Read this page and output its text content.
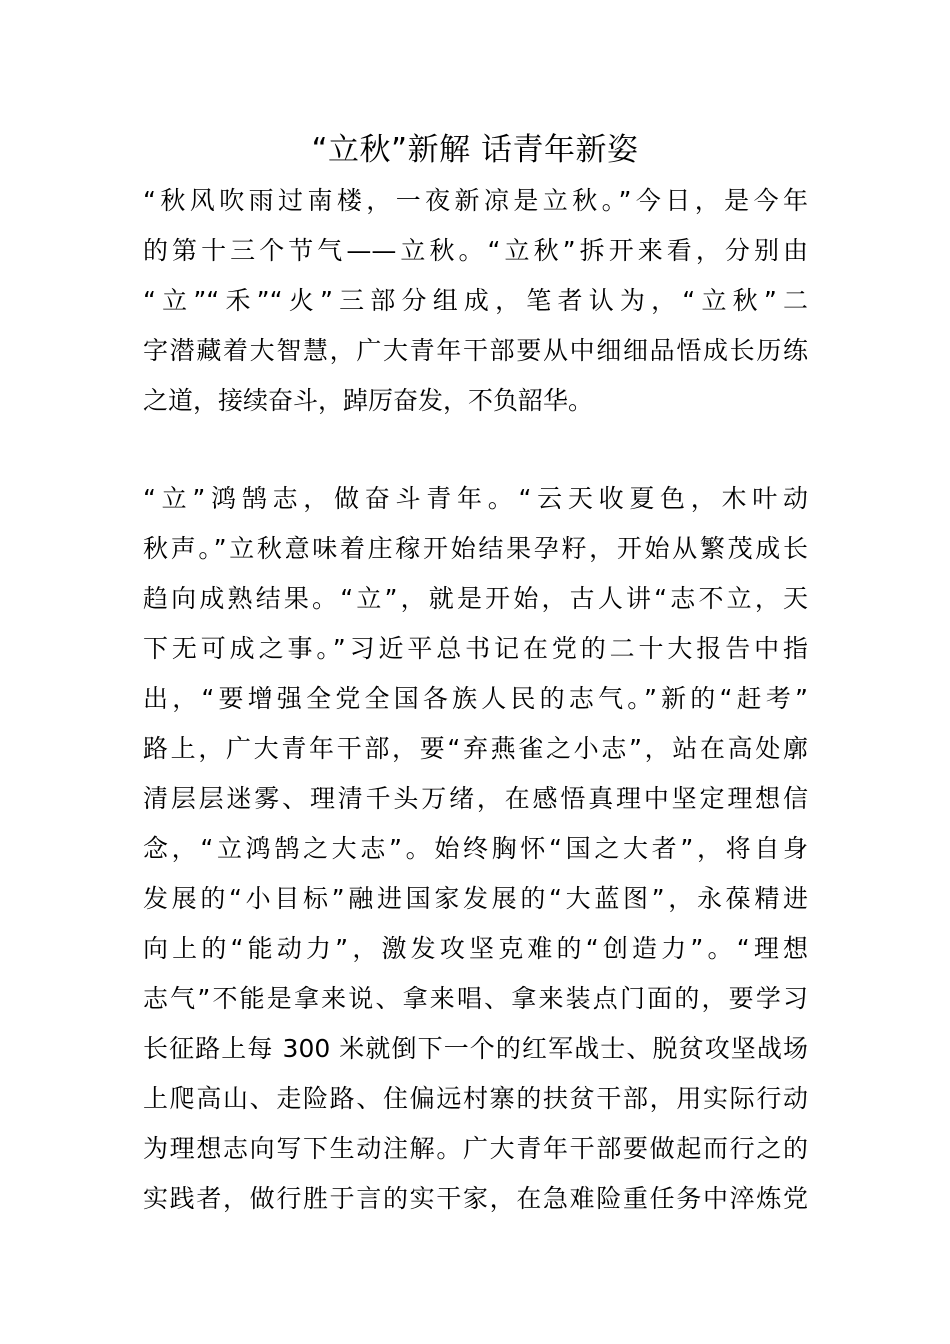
“立秋”新解 话青年新姿
“秋风吹雨过南楼，一夜新凉是立秋。”今日，是今年
的第十三个节气——立秋。“立秋”拆开来看，分别由
“立”“禾”“火”三部分组成，笔者认为，“立秋”二
字潜藏着大智慧，广大青年干部要从中细细品悟成长历练
之道，接续奋斗，踔厉奋发，不负韶华。
“立”鸿鹄志，做奋斗青年。“云天收夏色，木叶动
秋声。”立秋意味着庄稼开始结果孕籽，开始从繁茂成长
趋向成熟结果。“立”，就是开始，古人讲“志不立，天
下无可成之事。”习近平总书记在党的二十大报告中指
出，“要增强全党全国各族人民的志气。”新的“赶考”
路上，广大青年干部，要“弃燕雀之小志”，站在高处廓
清层层迷雾、理清千头万绪，在感悟真理中坚定理想信
念，“立鸿鹄之大志”。始终胸怀“国之大者”，将自身
发展的“小目标”融进国家发展的“大蓝图”，永葆精进
向上的“能动力”，激发攻坚克难的“创造力”。“理想
志气”不能是拿来说、拿来唱、拿来装点门面的，要学习
长征路上每 300 米就倒下一个的红军战士、脱贫攻坚战场
上爬高山、走险路、住偏远村寨的扶贫干部，用实际行动
为理想志向写下生动注解。广大青年干部要做起而行之的
实践者，做行胜于言的实干家，在急难险重任务中淬炼党
